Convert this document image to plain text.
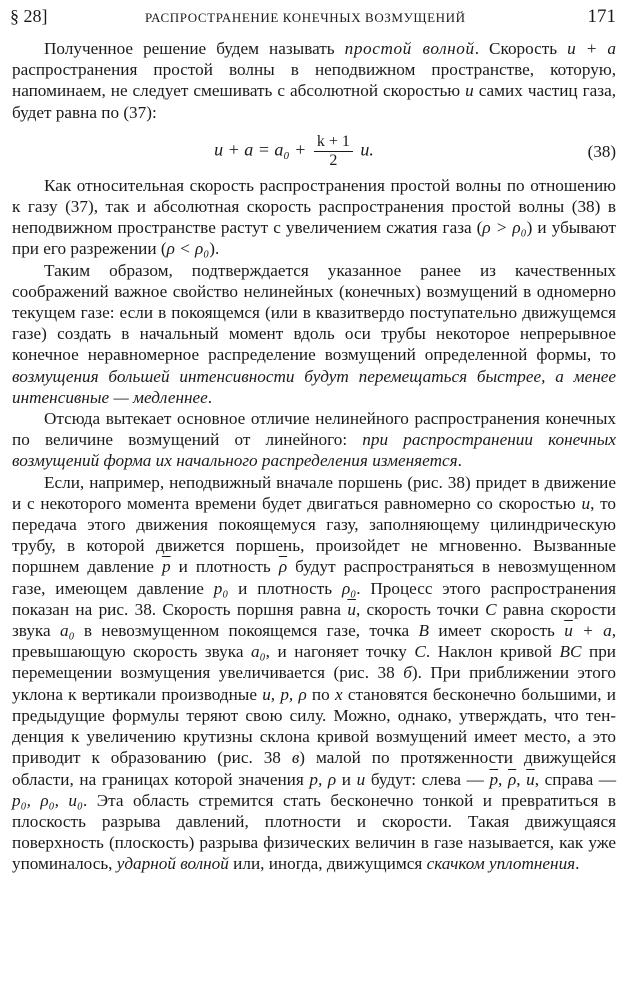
§ 28]	РАСПРОСТРАНЕНИЕ КОНЕЧНЫХ ВОЗМУЩЕНИЙ	171

Полученное решение будем называть простой волной. Скорость u + a распространения простой волны в неподвижном пространстве, которую, напоминаем, не следует смешивать с абсолютной скоростью u самих частиц газа, будет равна по (37):

$u + a = a_0 + \frac{k + 1}{2} u$.	(38)

Как относительная скорость распространения простой волны по отношению к газу (37), так и абсолютная скорость распространения простой волны (38) в неподвижном пространстве растут с увеличением сжатия газа (ρ > ρ₀) и убывают при его разрежении (ρ < ρ₀).

Таким образом, подтверждается указанное ранее из качественных соображений важное свойство нелинейных (конечных) возмущений в одномерно текущем газе: если в покоящемся (или в квазитвердо поступательно движущемся газе) создать в начальный момент вдоль оси трубы некоторое непрерывное конечное неравномерное распределение возмущений определенной формы, то возмущения большей интенсивности будут перемещаться быстрее, а менее интенсивные — медленнее.

Отсюда вытекает основное отличие нелинейного распространения конечных по величине возмущений от линейного: при распространении конечных возмущений форма их начального распределения изменяется.

Если, например, неподвижный вначале поршень (рис. 38) придет в движение и с некоторого момента времени будет двигаться равномерно со скоростью u, то передача этого движения покоящемуся газу, заполняющему цилиндрическую трубу, в которой движется поршень, произойдет не мгновенно. Вызванные поршнем давление $\overline{p}$ и плотность $\overline{\rho}$ будут распространяться в невозмущенном газе, имеющем давление p₀ и плотность ρ₀. Процесс этого распространения показан на рис. 38. Скорость поршня равна $\overline{u}$, скорость точки C равна скорости звука a₀ в невозмущенном покоящемся газе, точка B имеет скорость $\overline{u} + a$, превышающую скорость звука a₀, и нагоняет точку C. Наклон кривой BC при перемещении возмущения увеличивается (рис. 38 б). При приближении этого уклона к вертикали производные u, p, ρ по x становятся бесконечно большими, и предыдущие формулы теряют свою силу. Можно, однако, утверждать, что тенденция к увеличению крутизны склона кривой возмущений имеет место, а это приводит к образованию (рис. 38 в) малой по протяженности движущейся области, на границах которой значения p, ρ и u будут: слева — $\overline{p}$, $\overline{\rho}$, $\overline{u}$, справа — p₀, ρ₀, u₀. Эта область стремится стать бесконечно тонкой и превратиться в плоскость разрыва давлений, плотности и скорости. Такая движущаяся поверхность (плоскость) разрыва физических величин в газе называется, как уже упоминалось, ударной волной или, иногда, движущимся скачком уплотнения.
